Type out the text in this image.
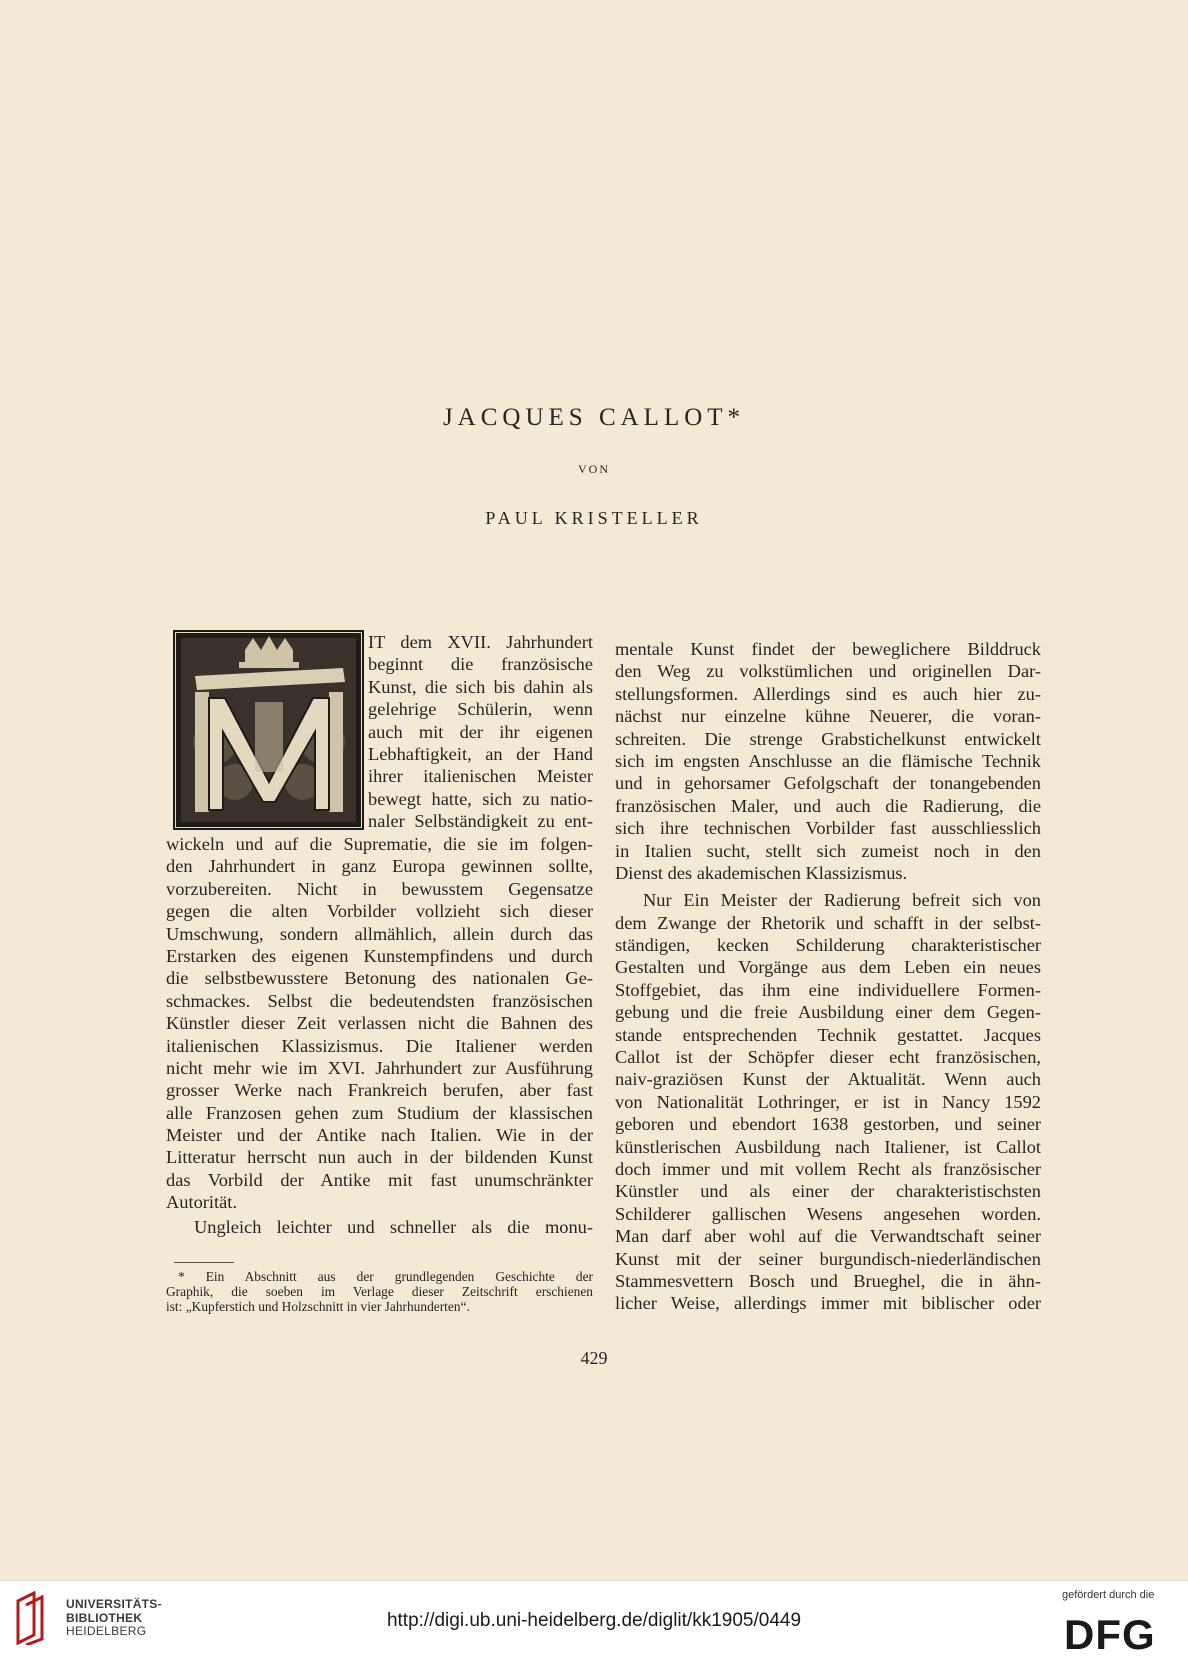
JACQUES CALLOT*
VON
PAUL KRISTELLER
IT dem XVII. Jahrhundert
beginnt die französische
Kunst, die sich bis dahin als
gelehrige Schülerin, wenn
auch mit der ihr eigenen
Lebhaftigkeit, an der Hand
ihrer italienischen Meister
bewegt hatte, sich zu natio-
naler Selbständigkeit zu ent-
wickeln und auf die Suprematie, die sie im folgen-
den Jahrhundert in ganz Europa gewinnen sollte,
vorzubereiten. Nicht in bewusstem Gegensatze
gegen die alten Vorbilder vollzieht sich dieser
Umschwung, sondern allmählich, allein durch das
Erstarken des eigenen Kunstempfindens und durch
die selbstbewusstere Betonung des nationalen Ge-
schmackes. Selbst die bedeutendsten französischen
Künstler dieser Zeit verlassen nicht die Bahnen des
italienischen Klassizismus. Die Italiener werden
nicht mehr wie im XVI. Jahrhundert zur Ausführung
grosser Werke nach Frankreich berufen, aber fast
alle Franzosen gehen zum Studium der klassischen
Meister und der Antike nach Italien. Wie in der
Litteratur herrscht nun auch in der bildenden Kunst
das Vorbild der Antike mit fast unumschränkter
Autorität.
Ungleich leichter und schneller als die monu-
* Ein Abschnitt aus der grundlegenden Geschichte der
Graphik, die soeben im Verlage dieser Zeitschrift erschienen
ist: „Kupferstich und Holzschnitt in vier Jahrhunderten“.
mentale Kunst findet der beweglichere Bilddruck
den Weg zu volkstümlichen und originellen Dar-
stellungsformen. Allerdings sind es auch hier zu-
nächst nur einzelne kühne Neuerer, die voran-
schreiten. Die strenge Grabstichelkunst entwickelt
sich im engsten Anschlusse an die flämische Technik
und in gehorsamer Gefolgschaft der tonangebenden
französischen Maler, und auch die Radierung, die
sich ihre technischen Vorbilder fast ausschliesslich
in Italien sucht, stellt sich zumeist noch in den
Dienst des akademischen Klassizismus.
Nur Ein Meister der Radierung befreit sich von
dem Zwange der Rhetorik und schafft in der selbst-
ständigen, kecken Schilderung charakteristischer
Gestalten und Vorgänge aus dem Leben ein neues
Stoffgebiet, das ihm eine individuellere Formen-
gebung und die freie Ausbildung einer dem Gegen-
stande entsprechenden Technik gestattet. Jacques
Callot ist der Schöpfer dieser echt französischen,
naiv-graziösen Kunst der Aktualität. Wenn auch
von Nationalität Lothringer, er ist in Nancy 1592
geboren und ebendort 1638 gestorben, und seiner
künstlerischen Ausbildung nach Italiener, ist Callot
doch immer und mit vollem Recht als französischer
Künstler und als einer der charakteristischsten
Schilderer gallischen Wesens angesehen worden.
Man darf aber wohl auf die Verwandtschaft seiner
Kunst mit der seiner burgundisch-niederländischen
Stammesvettern Bosch und Brueghel, die in ähn-
licher Weise, allerdings immer mit biblischer oder
429
UNIVERSITÄTS-
BIBLIOTHEK
HEIDELBERG	http://digi.ub.uni-heidelberg.de/diglit/kk1905/0449
gefördert durch die
DFG
